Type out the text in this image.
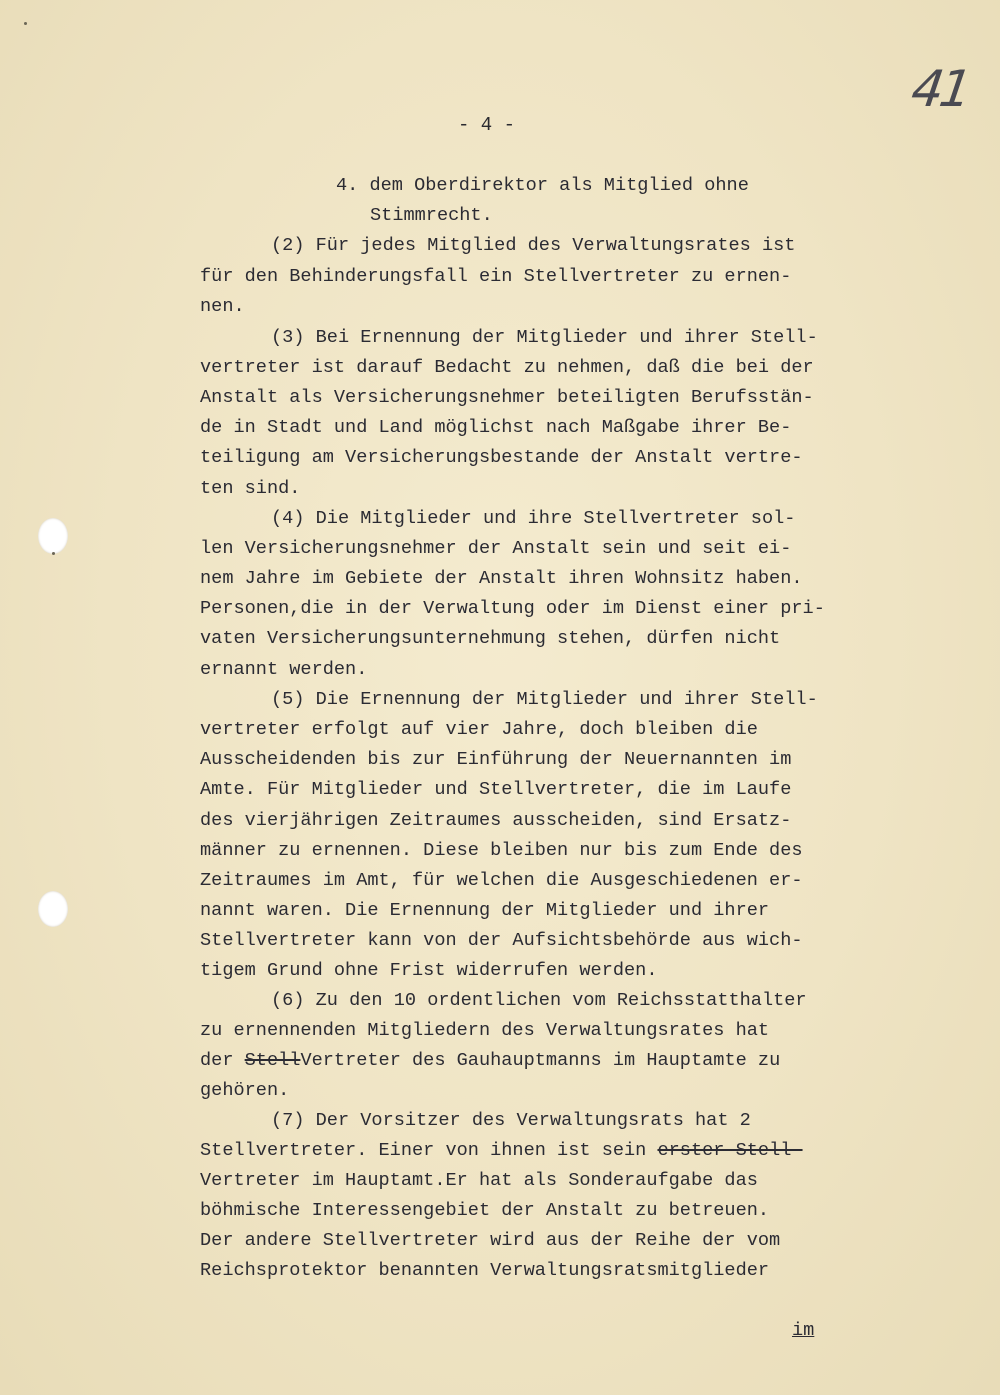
41
- 4 -
4. dem Oberdirektor als Mitglied ohne
Stimmrecht.
(2) Für jedes Mitglied des Verwaltungsrates ist
für den Behinderungsfall ein Stellvertreter zu ernen-
nen.
(3) Bei Ernennung der Mitglieder und ihrer Stell-
vertreter ist darauf Bedacht zu nehmen, daß die bei der
Anstalt als Versicherungsnehmer beteiligten Berufsstän-
de in Stadt und Land möglichst nach Maßgabe ihrer Be-
teiligung am Versicherungsbestande der Anstalt vertre-
ten sind.
(4) Die Mitglieder und ihre Stellvertreter sol-
len Versicherungsnehmer der Anstalt sein und seit ei-
nem Jahre im Gebiete der Anstalt ihren Wohnsitz haben.
Personen,die in der Verwaltung oder im Dienst einer pri-
vaten Versicherungsunternehmung stehen, dürfen nicht
ernannt werden.
(5) Die Ernennung der Mitglieder und ihrer Stell-
vertreter erfolgt auf vier Jahre, doch bleiben die
Ausscheidenden bis zur Einführung der Neuernannten im
Amte. Für Mitglieder und Stellvertreter, die im Laufe
des vierjährigen Zeitraumes ausscheiden, sind Ersatz-
männer zu ernennen. Diese bleiben nur bis zum Ende des
Zeitraumes im Amt, für welchen die Ausgeschiedenen er-
nannt waren. Die Ernennung der Mitglieder und ihrer
Stellvertreter kann von der Aufsichtsbehörde aus wich-
tigem Grund ohne Frist widerrufen werden.
(6) Zu den 10 ordentlichen vom Reichsstatthalter
zu ernennenden Mitgliedern des Verwaltungsrates hat
der StellVertreter des Gauhauptmanns im Hauptamte zu
gehören.
(7) Der Vorsitzer des Verwaltungsrats hat 2
Stellvertreter. Einer von ihnen ist sein erster Stell-
Vertreter im Hauptamt.Er hat als Sonderaufgabe das
böhmische Interessengebiet der Anstalt zu betreuen.
Der andere Stellvertreter wird aus der Reihe der vom
Reichsprotektor benannten Verwaltungsratsmitglieder
im
